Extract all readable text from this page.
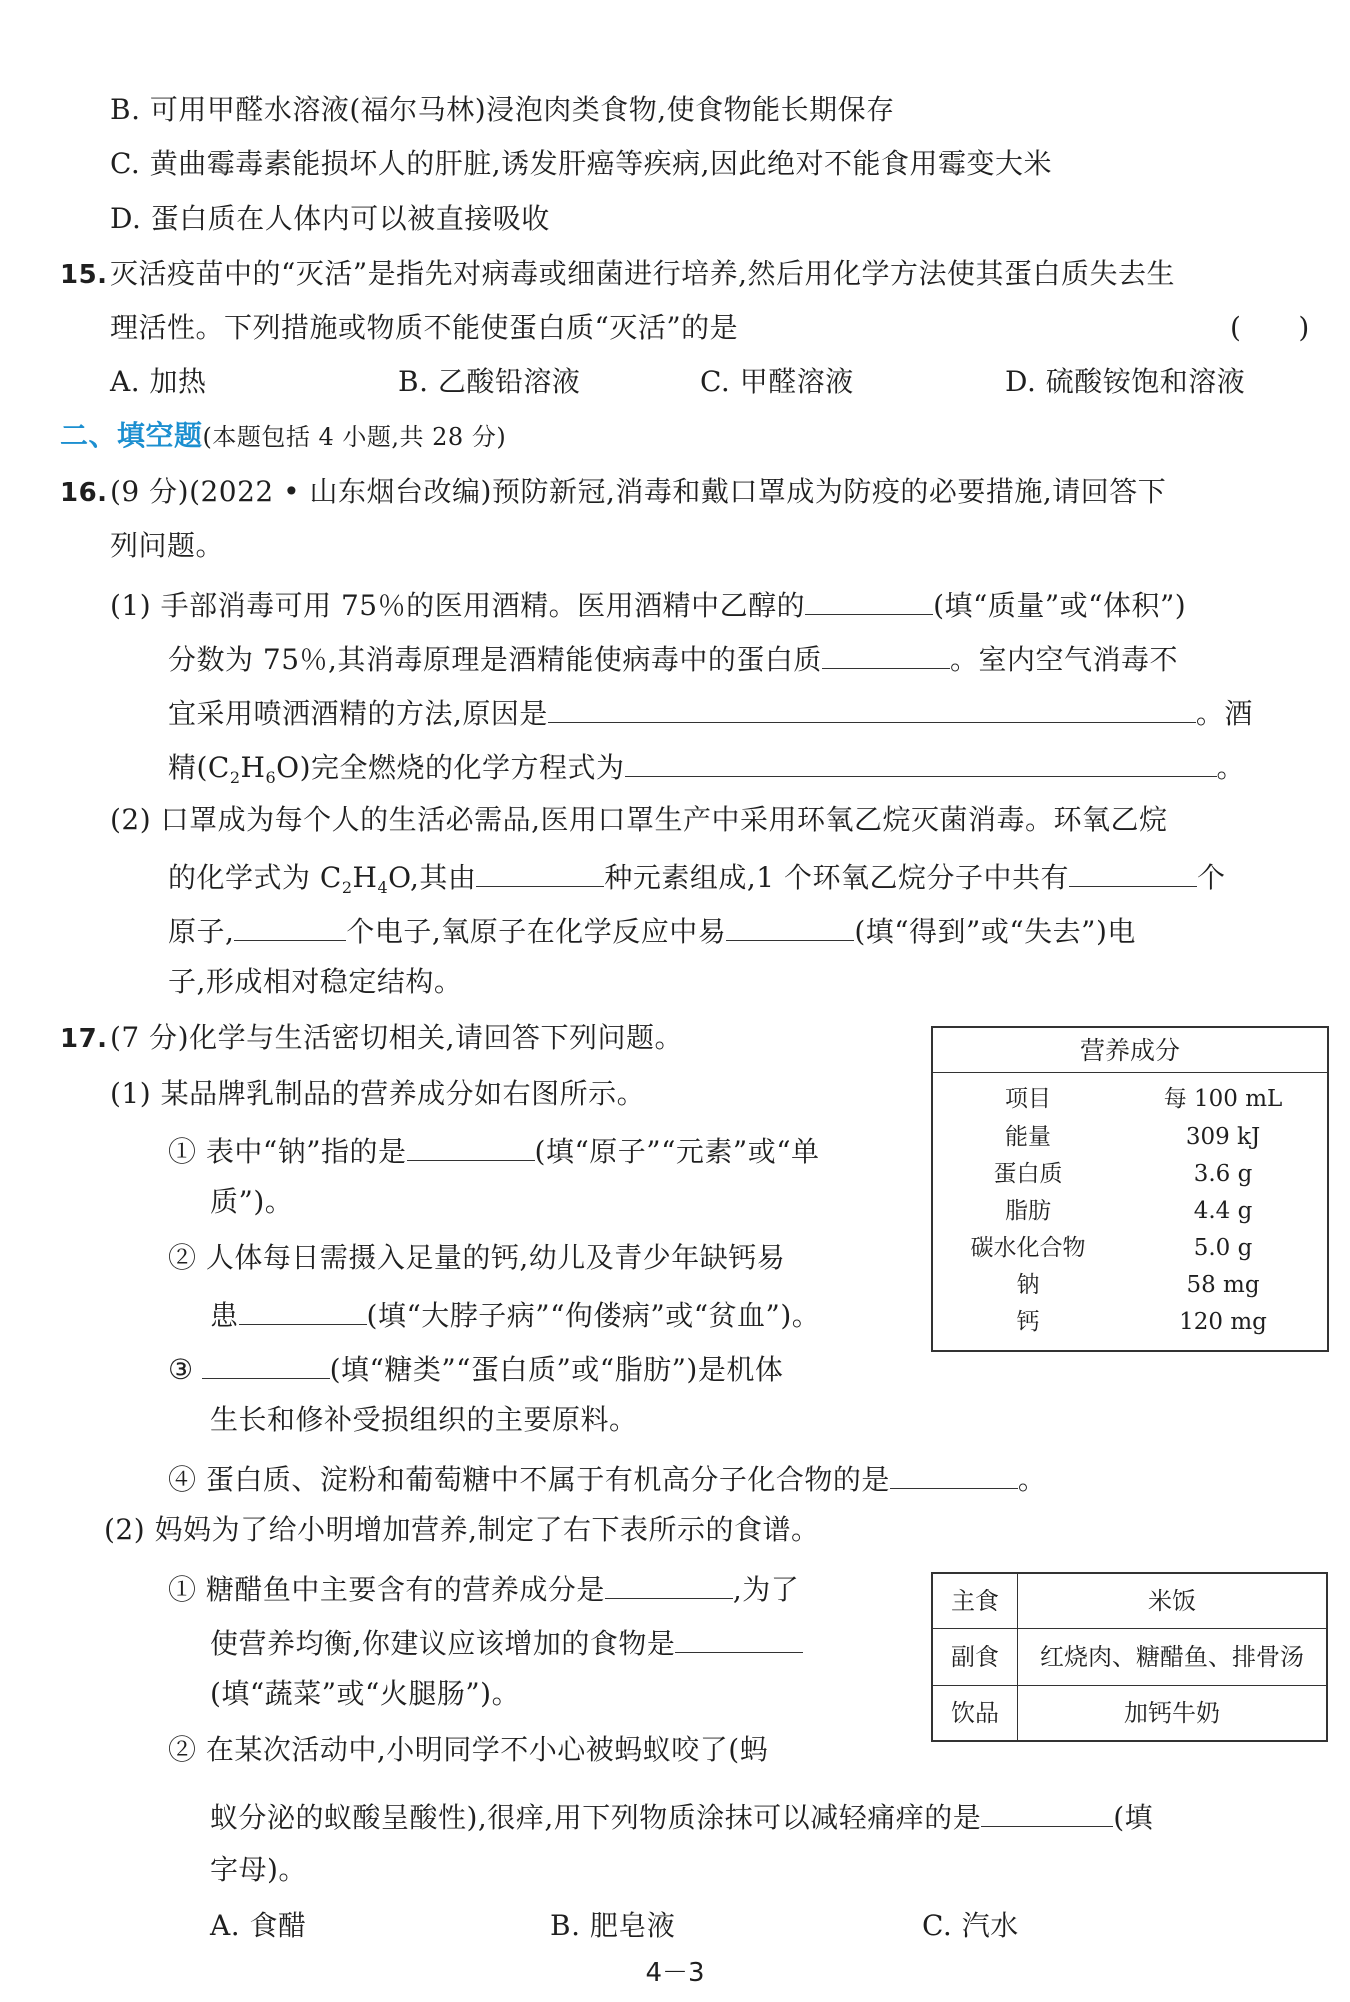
B. 可用甲醛水溶液(福尔马林)浸泡肉类食物,使食物能长期保存
C. 黄曲霉毒素能损坏人的肝脏,诱发肝癌等疾病,因此绝对不能食用霉变大米
D. 蛋白质在人体内可以被直接吸收
15. 灭活疫苗中的“灭活”是指先对病毒或细菌进行培养,然后用化学方法使其蛋白质失去生
理活性。下列措施或物质不能使蛋白质“灭活”的是	(　　)
A. 加热	B. 乙酸铅溶液	C. 甲醛溶液	D. 硫酸铵饱和溶液
二、填空题(本题包括 4 小题,共 28 分)
16. (9 分)(2022 • 山东烟台改编)预防新冠,消毒和戴口罩成为防疫的必要措施,请回答下
列问题。
(1) 手部消毒可用 75％的医用酒精。医用酒精中乙醇的	(填“质量”或“体积”)
分数为 75％,其消毒原理是酒精能使病毒中的蛋白质	。室内空气消毒不
宜采用喷洒酒精的方法,原因是	。酒
精$(C_2H_6O)$完全燃烧的化学方程式为	。
(2) 口罩成为每个人的生活必需品,医用口罩生产中采用环氧乙烷灭菌消毒。环氧乙烷
的化学式为 $C_2H_4O$,其由	种元素组成,1 个环氧乙烷分子中共有	个
原子,	个电子,氧原子在化学反应中易	(填“得到”或“失去”)电
子,形成相对稳定结构。
17. (7 分)化学与生活密切相关,请回答下列问题。
(1) 某品牌乳制品的营养成分如右图所示。
① 表中“钠”指的是	(填“原子”“元素”或“单
质”)。
② 人体每日需摄入足量的钙,幼儿及青少年缺钙易
患	(填“大脖子病”“佝偻病”或“贫血”)。
③	(填“糖类”“蛋白质”或“脂肪”)是机体
生长和修补受损组织的主要原料。
④ 蛋白质、淀粉和葡萄糖中不属于有机高分子化合物的是	。
(2) 妈妈为了给小明增加营养,制定了右下表所示的食谱。
① 糖醋鱼中主要含有的营养成分是	,为了
使营养均衡,你建议应该增加的食物是
(填“蔬菜”或“火腿肠”)。
② 在某次活动中,小明同学不小心被蚂蚁咬了(蚂
蚁分泌的蚁酸呈酸性),很痒,用下列物质涂抹可以减轻痛痒的是	(填
字母)。
A. 食醋	B. 肥皂液	C. 汽水
营养成分
项目	每 100 mL
能量	309 kJ
蛋白质	3.6 g
脂肪	4.4 g
碳水化合物	5.0 g
钠	58 mg
钙	120 mg
主食	米饭
副食	红烧肉、糖醋鱼、排骨汤
饮品	加钙牛奶
4－3
